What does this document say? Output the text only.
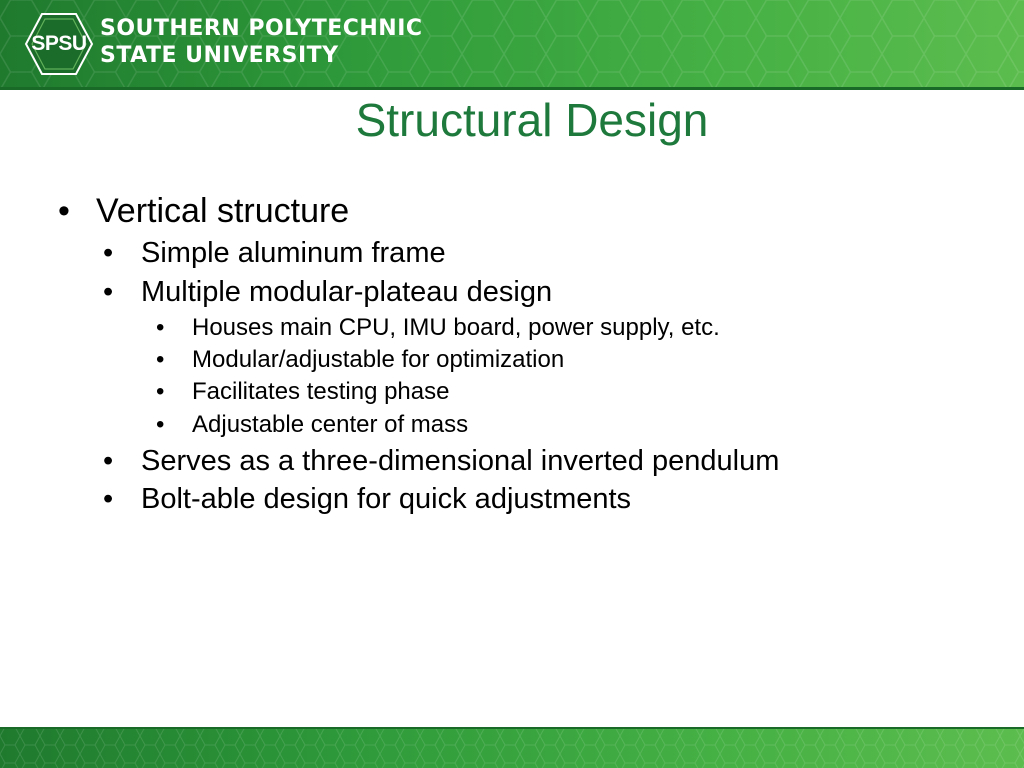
SPSU
SOUTHERN POLYTECHNIC
STATE UNIVERSITY
Structural Design
• Vertical structure
• Simple aluminum frame
• Multiple modular-plateau design
• Houses main CPU, IMU board, power supply, etc.
• Modular/adjustable for optimization
• Facilitates testing phase
• Adjustable center of mass
• Serves as a three-dimensional inverted pendulum
• Bolt-able design for quick adjustments
